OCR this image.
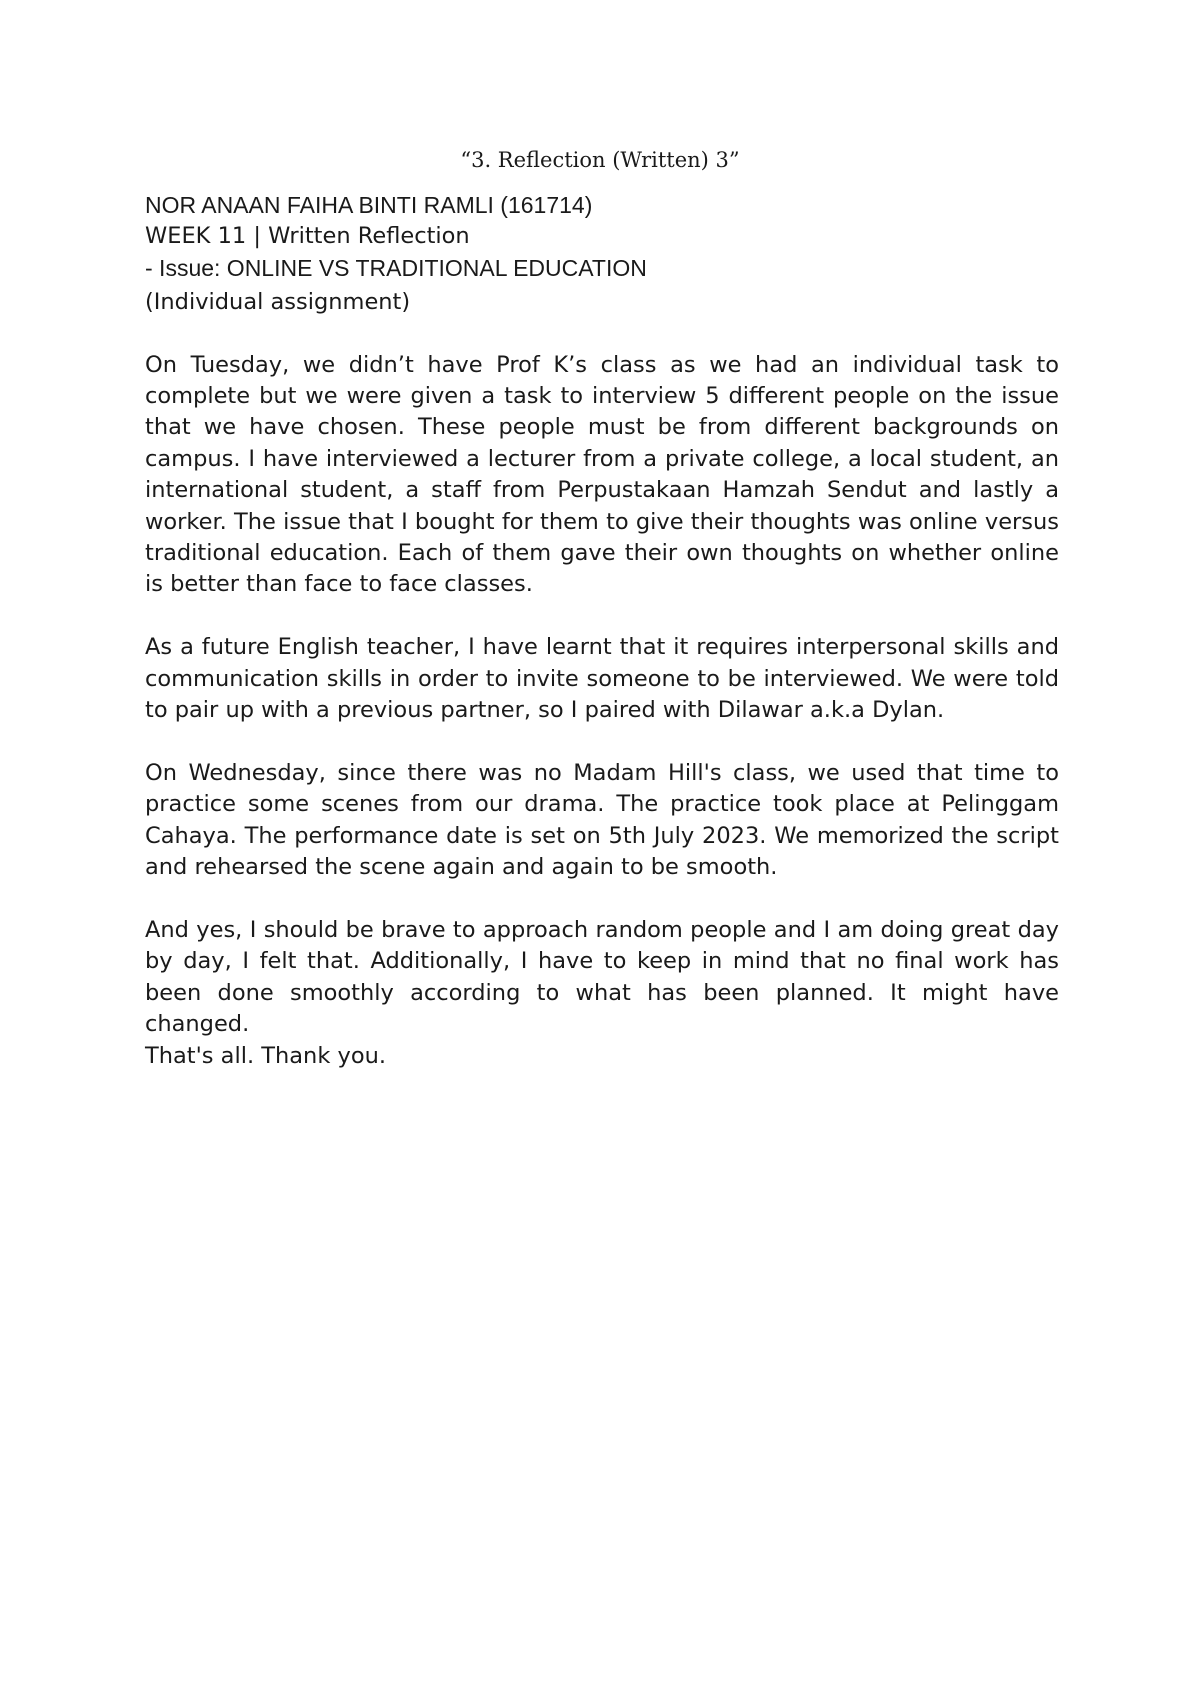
“3. Reflection (Written) 3”

NOR ANAAN FAIHA BINTI RAMLI (161714)

WEEK 11 | Written Reflection

- Issue: ONLINE VS TRADITIONAL EDUCATION

(Individual assignment)

On Tuesday, we didn’t have Prof K’s class as we had an individual task to complete but we were given a task to interview 5 different people on the issue that we have chosen. These people must be from different backgrounds on campus. I have interviewed a lecturer from a private college, a local student, an international student, a staff from Perpustakaan Hamzah Sendut and lastly a worker. The issue that I bought for them to give their thoughts was online versus traditional education. Each of them gave their own thoughts on whether online is better than face to face classes.

As a future English teacher, I have learnt that it requires interpersonal skills and communication skills in order to invite someone to be interviewed. We were told to pair up with a previous partner, so I paired with Dilawar a.k.a Dylan.

On Wednesday, since there was no Madam Hill's class, we used that time to practice some scenes from our drama. The practice took place at Pelinggam Cahaya. The performance date is set on 5th July 2023. We memorized the script and rehearsed the scene again and again to be smooth.

And yes, I should be brave to approach random people and I am doing great day by day, I felt that. Additionally, I have to keep in mind that no final work has been done smoothly according to what has been planned. It might have changed.

That's all. Thank you.
